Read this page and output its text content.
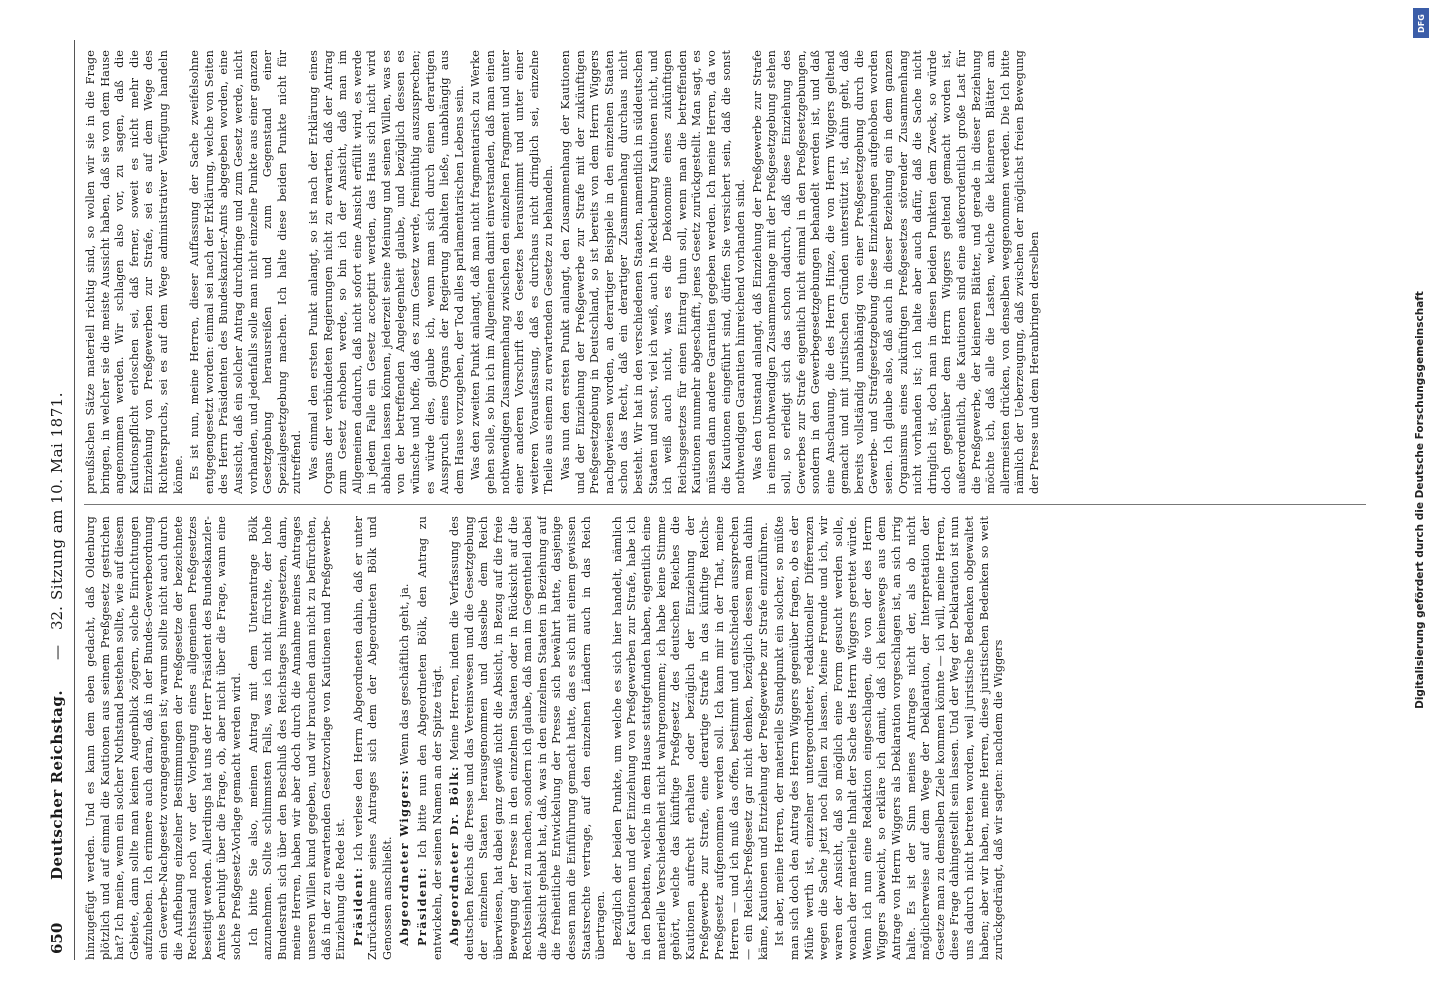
650
Deutscher Reichstag.
—
32.
Sitzung am 10. Mai 1871.

hinzugefügt werden. Und es kann dem eben gedacht, daß Oldenburg plötzlich und auf einmal die Kautionen aus seinem Preßgesetz gestrichen hat? Ich meine, wenn ein solcher Nothstand bestehen sollte, wie auf diesem Gebiete, dann sollte man keinen Augenblick zögern, solche Einrichtungen aufzuheben. Ich erinnere auch daran, daß in der Bundes-Gewerbeordnung ein Gewerbe-Nachgesetz vorangegangen ist; warum sollte nicht auch durch die Aufhebung einzelner Bestimmungen der Preßgesetze der bezeichnete Rechtsstand noch vor der Vorlegung eines allgemeinen Preßgesetzes beseitigt werden. Allerdings hat uns der Herr Präsident des Bundeskanzler-Amtes beruhigt über die Frage, ob, aber nicht über die Frage, wann eine solche Preßgesetz-Vorlage gemacht werden wird. Ich bitte Sie also, meinen Antrag mit dem Unterantrage Bölk anzunehmen. Sollte schlimmsten Falls, was ich nicht fürchte, der hohe Bundesrath sich über den Beschluß des Reichstages hinwegsetzen, dann, meine Herren, haben wir aber doch durch die Annahme meines Antrages unseren Willen kund gegeben, und wir brauchen dann nicht zu befürchten, daß in der zu erwartenden Gesetzvorlage von Kautionen und Preßgewerbe-Einziehung die Rede ist. Präsident: Ich verlese den Herrn Abgeordneten dahin, daß er unter Zurücknahme seines Antrages sich dem der Abgeordneten Bölk und Genossen anschließt. Abgeordneter Wiggers: Wenn das geschäftlich geht, ja.

Präsident: Ich bitte nun den Abgeordneten Bölk, den Antrag zu entwickeln, der seinen Namen an der Spitze trägt. Abgeordneter Dr. Bölk: Meine Herren, indem die Verfassung des deutschen Reichs die Presse und das Vereinswesen und die Gesetzgebung der einzelnen Staaten herausgenommen und dasselbe dem Reich überwiesen, hat dabei ganz gewiß nicht die Absicht, in Bezug auf die freie Bewegung der Presse in den einzelnen Staaten oder in Rücksicht auf die Rechtseinheit zu machen, sondern ich glaube, daß man im Gegentheil dabei die Absicht gehabt hat, daß, was in den einzelnen Staaten in Beziehung auf die freiheitliche Entwickelung der Presse sich bewährt hatte, dasjenige dessen man die Einführung gemacht hatte, das es sich mit einem gewissen Staatsrechte vertrage, auf den einzelnen Ländern auch in das Reich übertragen. Bezüglich der beiden Punkte, um welche es sich hier handelt, nämlich der Kautionen und der Einziehung von Preßgewerben zur Strafe, habe ich in den Debatten, welche in dem Hause stattgefunden haben, eigentlich eine materielle Verschiedenheit nicht wahrgenommen; ich habe keine Stimme gehört, welche das künftige Preßgesetz des deutschen Reiches die Kautionen aufrecht erhalten oder bezüglich der Einziehung der Preßgewerbe zur Strafe, eine derartige Strafe in das künftige Reichs-Preßgesetz aufgenommen werden soll. Ich kann mir in der That, meine Herren — und ich muß das offen, bestimmt und entschieden aussprechen — ein Reichs-Preßgesetz gar nicht denken, bezüglich dessen man dahin käme, Kautionen und Entziehung der Preßgewerbe zur Strafe einzuführen. Ist aber, meine Herren, der materielle Standpunkt ein solcher, so müßte man sich doch den Antrag des Herrn Wiggers gegenüber fragen, ob es der Mühe werth ist, einzelner untergeordneter, redaktioneller Differenzen wegen die Sache jetzt noch fallen zu lassen. Meine Freunde und ich, wir waren der Ansicht, daß so möglich eine Form gesucht werden solle, wonach der materielle Inhalt der Sache des Herrn Wiggers gerettet würde. Wenn ich nun eine Redaktion eingeschlagen, die von der des Herrn Wiggers abweicht, so erkläre ich damit, daß ich keineswegs aus dem Antrage von Herrn Wiggers als Deklaration vorgeschlagen ist, an sich irrig halte. Es ist der Sinn meines Antrages nicht der, als ob nicht möglicherweise auf dem Wege der Deklaration, der Interpretation der Gesetze man zu demselben Ziele kommen könnte — ich will, meine Herren, diese Frage dahingestellt sein lassen. Und der Weg der Deklaration ist nun uns dadurch nicht betreten worden, weil juristische Bedenken obgewaltet haben; aber wir haben, meine Herren, diese juristischen Bedenken so weit zurückgedrängt, daß wir sagten: nachdem die Wiggers

preußischen Sätze materiell richtig sind, so wollen wir sie in die Frage bringen, in welcher sie die meiste Aussicht haben, daß sie von dem Hause angenommen werden. Wir schlagen also vor, zu sagen, daß die Kautionspflicht erloschen sei, daß ferner, soweit es nicht mehr die Einziehung von Preßgewerben zur Strafe, sei es auf dem Wege des Richterspruchs, sei es auf dem Wege administrativer Verfügung handeln könne. Es ist nun, meine Herren, dieser Auffassung der Sache zweifelsohne entgegengesetzt worden: einmal sei nach der Erklärung, welche von Seiten des Herrn Präsidenten des Bundeskanzler-Amts abgegeben worden, eine Aussicht, daß ein solcher Antrag durchdringe und zum Gesetz werde, nicht vorhanden, und jedenfalls solle man nicht einzelne Punkte aus einer ganzen Gesetzgebung herausreißen und zum Gegenstand einer Spezialgesetzgebung machen. Ich halte diese beiden Punkte nicht für zutreffend. Was einmal den ersten Punkt anlangt, so ist nach der Erklärung eines Organs der verbündeten Regierungen nicht zu erwarten, daß der Antrag zum Gesetz erhoben werde, so bin ich der Ansicht, daß man im Allgemeinen dadurch, daß nicht sofort eine Ansicht erfüllt wird, es werde in jedem Falle ein Gesetz acceptirt werden, das Haus sich nicht wird abhalten lassen können, jederzeit seine Meinung und seinen Willen, was es von der betreffenden Angelegenheit glaube, und bezüglich dessen es wünsche und hoffe, daß es zum Gesetz werde, freimüthig auszusprechen; es würde dies, glaube ich, wenn man sich durch einen derartigen Ausspruch eines Organs der Regierung abhalten ließe, unabhängig aus dem Hause vorzugehen, der Tod alles parlamentarischen Lebens sein. Was den zweiten Punkt anlangt, daß man nicht fragmentarisch zu Werke gehen solle, so bin ich im Allgemeinen damit einverstanden, daß man einen nothwendigen Zusammenhang zwischen den einzelnen Fragment und unter einer anderen Vorschrift des Gesetzes herausnimmt und unter einer weiteren Vorausfassung, daß es durchaus nicht dringlich sei, einzelne Theile aus einem zu erwartenden Gesetze zu behandeln. Was nun den ersten Punkt anlangt, den Zusammenhang der Kautionen und der Einziehung der Preßgewerbe zur Strafe mit der zukünftigen Preßgesetzgebung in Deutschland, so ist bereits von dem Herrn Wiggers nachgewiesen worden, an derartiger Beispiele in den einzelnen Staaten schon das Recht, daß ein derartiger Zusammenhang durchaus nicht besteht. Wir hat in den verschiedenen Staaten, namentlich in süddeutschen Staaten und sonst, viel ich weiß, auch in Mecklenburg Kautionen nicht, und ich weiß auch nicht, was es die Dekonomie eines zukünftigen Reichsgesetzes für einen Eintrag thun soll, wenn man die betreffenden Kautionen nunmehr abgeschafft, jenes Gesetz zurückgestellt. Man sagt, es müssen dann andere Garantien gegeben werden. Ich meine Herren, da wo die Kautionen eingeführt sind, dürfen Sie versichert sein, daß die sonst nothwendigen Garantien hinreichend vorhanden sind. Was den Umstand anlangt, daß Einziehung der Preßgewerbe zur Strafe in einem nothwendigen Zusammenhange mit der Preßgesetzgebung stehen soll, so erledigt sich das schon dadurch, daß diese Einziehung des Gewerbes zur Strafe eigentlich nicht einmal in den Preßgesetzgebungen, sondern in den Gewerbegesetzgebungen behandelt werden ist, und daß eine Anschauung, die des Herrn Hinze, die von Herrn Wiggers geltend gemacht und mit juristischen Gründen unterstützt ist, dahin geht, daß bereits vollständig unabhängig von einer Preßgesetzgebung durch die Gewerbe- und Strafgesetzgebung diese Einziehungen aufgehoben worden seien. Ich glaube also, daß auch in dieser Beziehung ein in dem ganzen Organismus eines zukünftigen Preßgesetzes störender Zusammenhang nicht vorhanden ist; ich halte aber auch dafür, daß die Sache nicht dringlich ist, doch man in diesen beiden Punkten dem Zweck, so würde doch gegenüber dem Herrn Wiggers geltend gemacht worden ist, außerordentlich, die Kautionen sind eine außerordentlich große Last für die Preßgewerbe, der kleineren Blätter, und gerade in dieser Beziehung möchte ich, daß alle die Lasten, welche die kleineren Blätter am allermeisten drücken, von denselben weggenommen werden. Die Ich bitte nämlich der Ueberzeugung, daß zwischen der möglichst freien Bewegung der Presse und dem Heranbringen derselben	Digitalisierung gefördert durch die Deutsche Forschungsgemeinschaft
DFG
